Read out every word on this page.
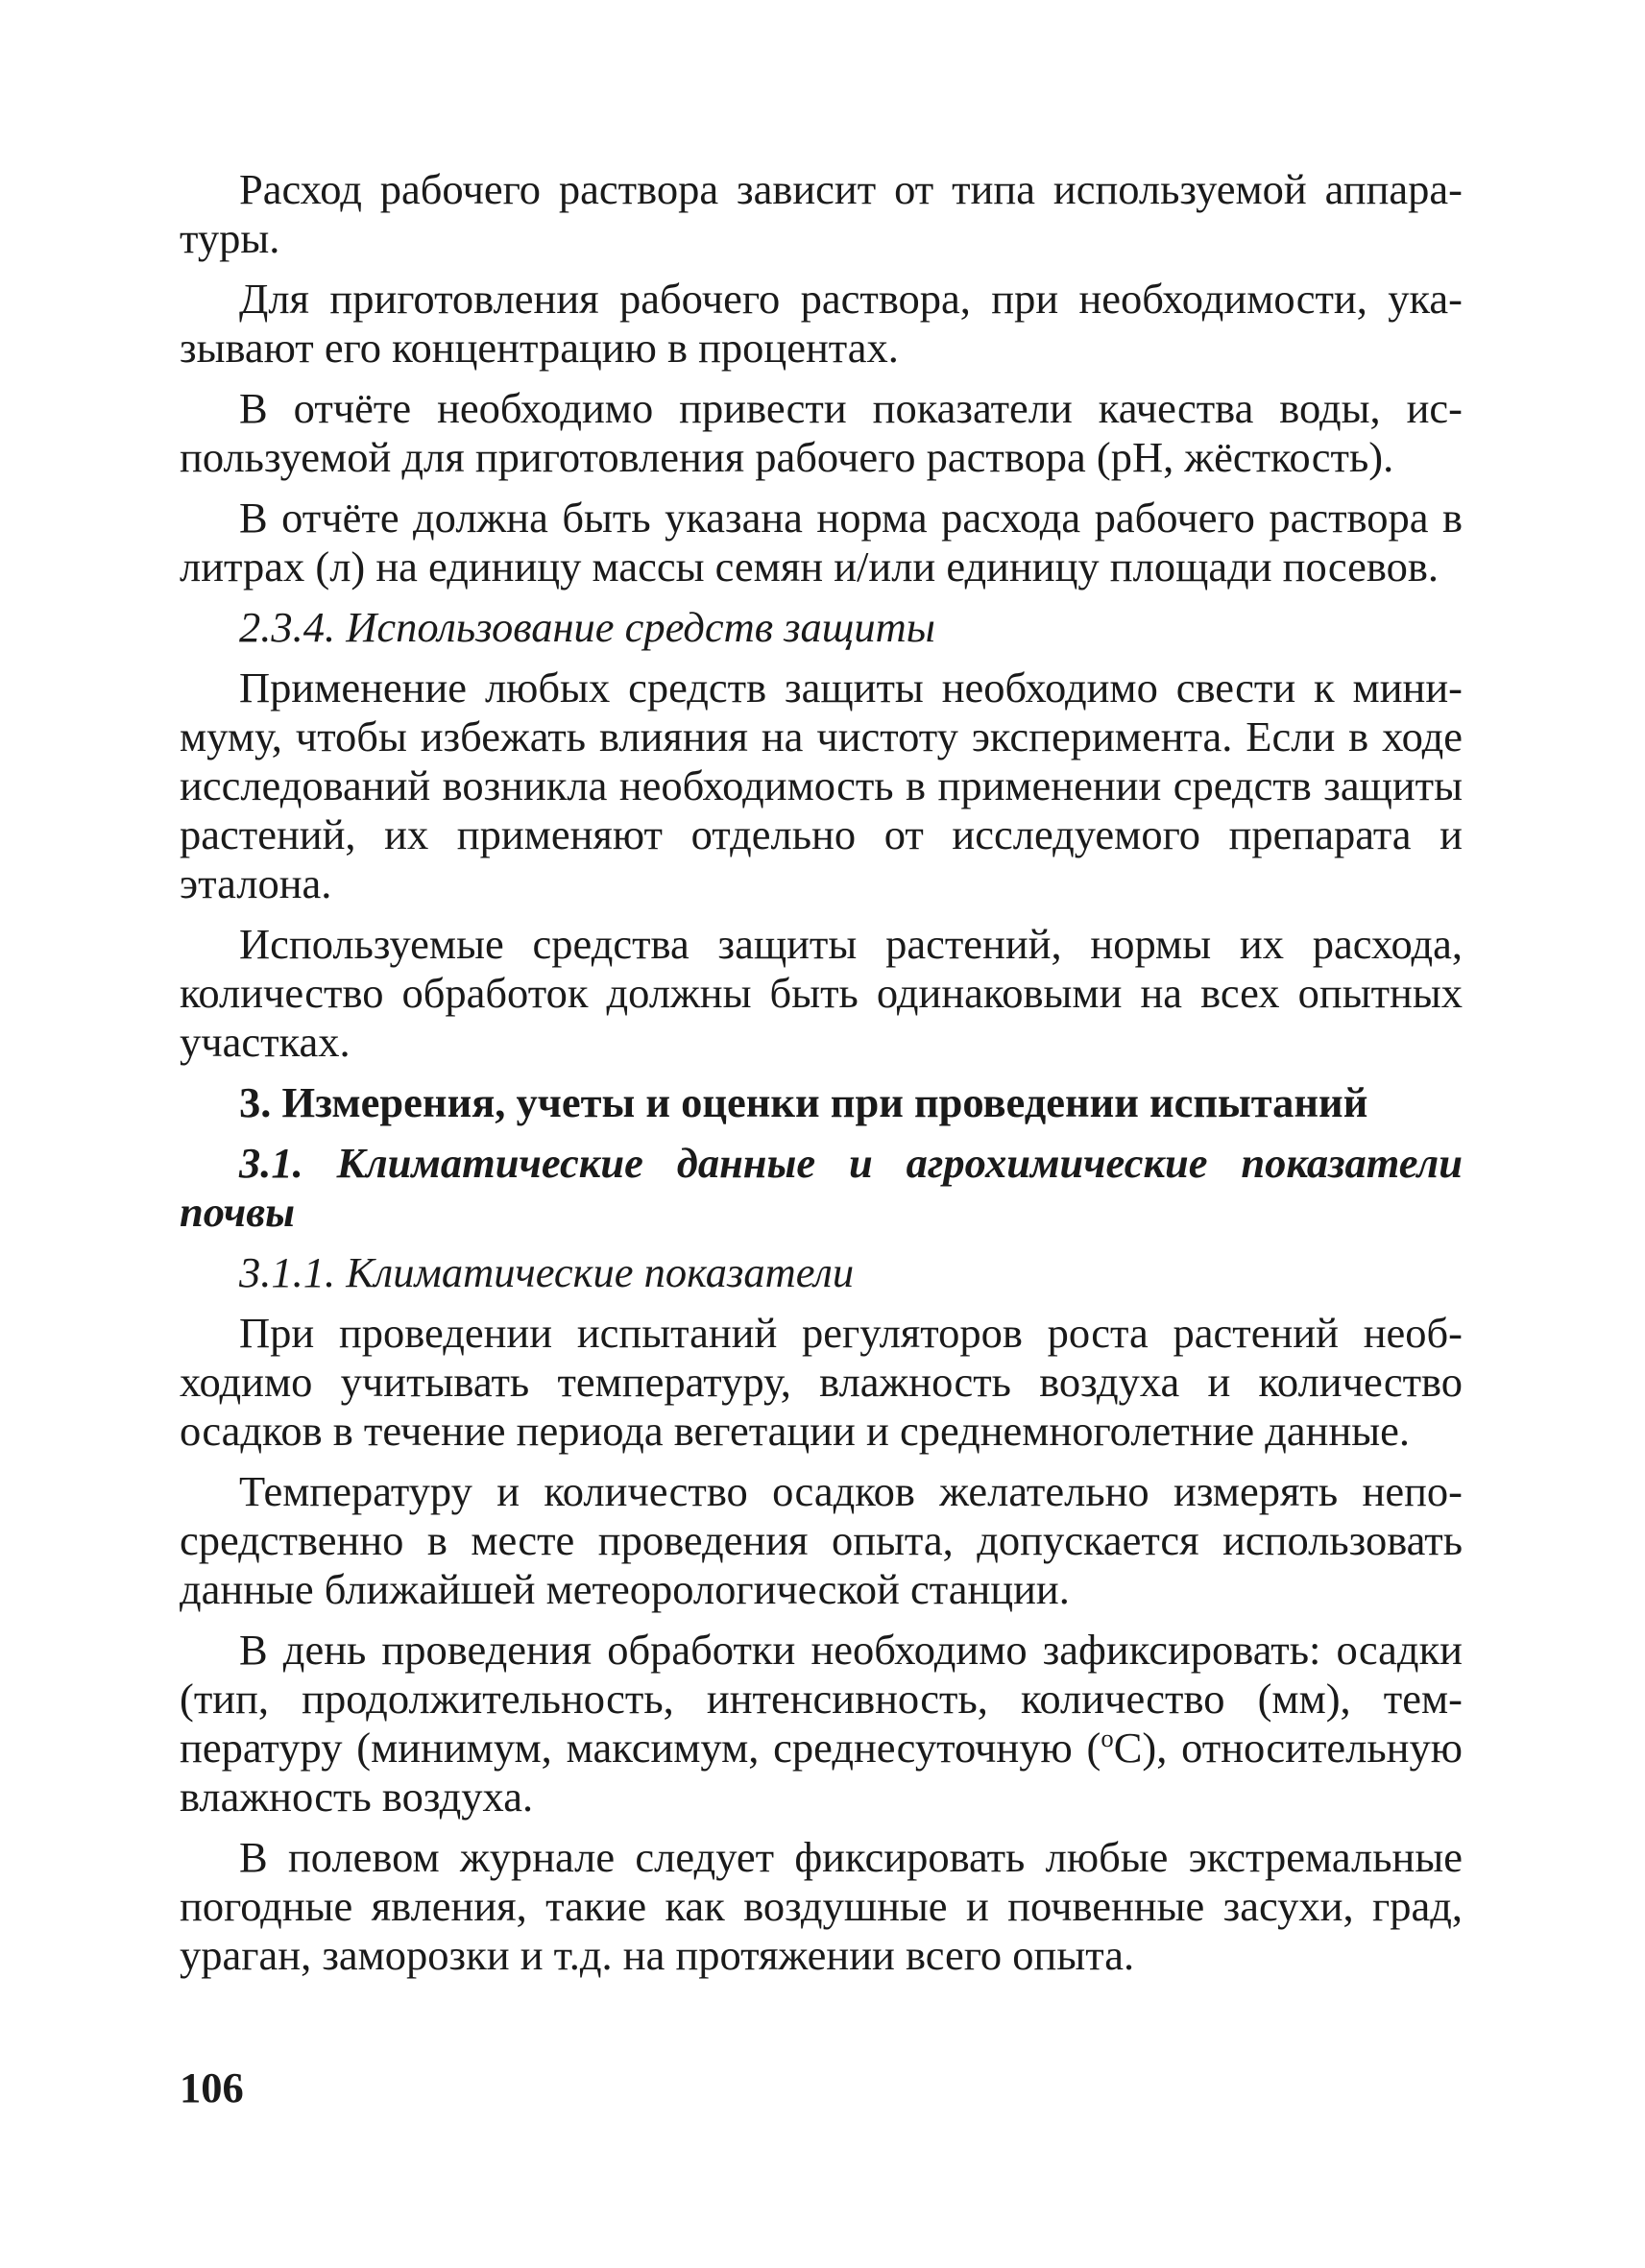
Расход рабочего раствора зависит от типа используемой аппаратуры.

Для приготовления рабочего раствора, при необходимости, указывают его концентрацию в процентах.

В отчёте необходимо привести показатели качества воды, используемой для приготовления рабочего раствора (pH, жёсткость).

В отчёте должна быть указана норма расхода рабочего раствора в литрах (л) на единицу массы семян и/или единицу площади посевов.

2.3.4. Использование средств защиты

Применение любых средств защиты необходимо свести к минимуму, чтобы избежать влияния на чистоту эксперимента. Если в ходе исследований возникла необходимость в применении средств защиты растений, их применяют отдельно от исследуемого препарата и эталона.

Используемые средства защиты растений, нормы их расхода, количество обработок должны быть одинаковыми на всех опытных участках.

3. Измерения, учеты и оценки при проведении испытаний

3.1. Климатические данные и агрохимические показатели почвы

3.1.1. Климатические показатели

При проведении испытаний регуляторов роста растений необходимо учитывать температуру, влажность воздуха и количество осадков в течение периода вегетации и среднемноголетние данные.

Температуру и количество осадков желательно измерять непосредственно в месте проведения опыта, допускается использовать данные ближайшей метеорологической станции.

В день проведения обработки необходимо зафиксировать: осадки (тип, продолжительность, интенсивность, количество (мм), температуру (минимум, максимум, среднесуточную ($^o$С), относительную влажность воздуха.

В полевом журнале следует фиксировать любые экстремальные погодные явления, такие как воздушные и почвенные засухи, град, ураган, заморозки и т.д. на протяжении всего опыта.

106
